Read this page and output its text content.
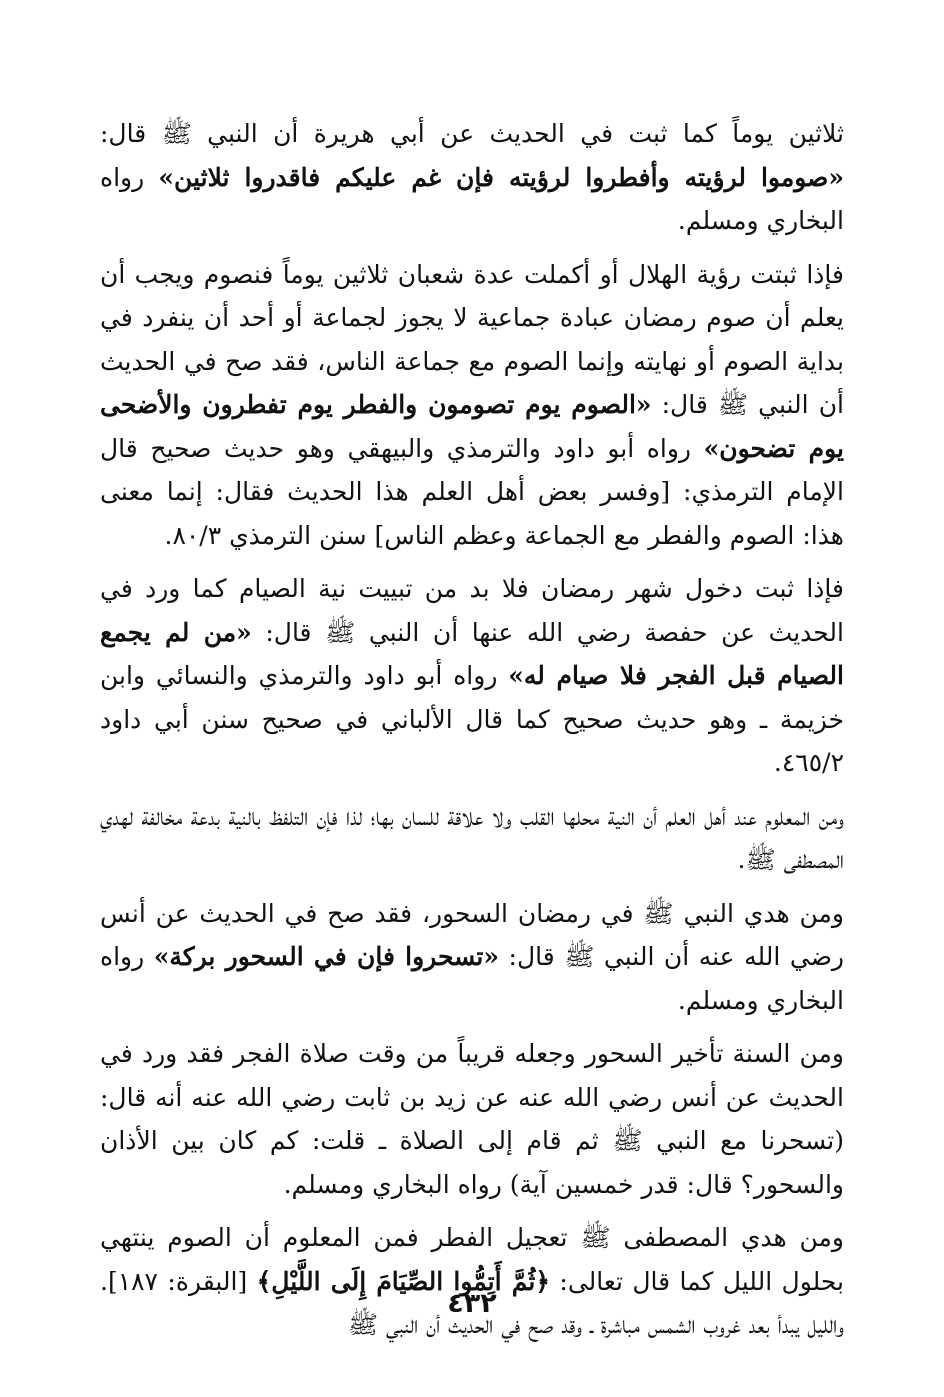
ثلاثين يوماً كما ثبت في الحديث عن أبي هريرة أن النبي ﷺ قال: «صوموا لرؤيته وأفطروا لرؤيته فإن غم عليكم فاقدروا ثلاثين» رواه البخاري ومسلم.

فإذا ثبتت رؤية الهلال أو أكملت عدة شعبان ثلاثين يوماً فنصوم ويجب أن يعلم أن صوم رمضان عبادة جماعية لا يجوز لجماعة أو أحد أن ينفرد في بداية الصوم أو نهايته وإنما الصوم مع جماعة الناس، فقد صح في الحديث أن النبي ﷺ قال: «الصوم يوم تصومون والفطر يوم تفطرون والأضحى يوم تضحون» رواه أبو داود والترمذي والبيهقي وهو حديث صحيح قال الإمام الترمذي: [وفسر بعض أهل العلم هذا الحديث فقال: إنما معنى هذا: الصوم والفطر مع الجماعة وعظم الناس] سنن الترمذي ٨٠/٣.

فإذا ثبت دخول شهر رمضان فلا بد من تبييت نية الصيام كما ورد في الحديث عن حفصة رضي الله عنها أن النبي ﷺ قال: «من لم يجمع الصيام قبل الفجر فلا صيام له» رواه أبو داود والترمذي والنسائي وابن خزيمة ـ وهو حديث صحيح كما قال الألباني في صحيح سنن أبي داود ٤٦٥/٢.

ومن المعلوم عند أهل العلم أن النية محلها القلب ولا علاقة للسان بها؛ لذا فإن التلفظ بالنية بدعة مخالفة لهدي المصطفى ﷺ.

ومن هدي النبي ﷺ في رمضان السحور، فقد صح في الحديث عن أنس رضي الله عنه أن النبي ﷺ قال: «تسحروا فإن في السحور بركة» رواه البخاري ومسلم.

ومن السنة تأخير السحور وجعله قريباً من وقت صلاة الفجر فقد ورد في الحديث عن أنس رضي الله عنه عن زيد بن ثابت رضي الله عنه أنه قال: (تسحرنا مع النبي ﷺ ثم قام إلى الصلاة ـ قلت: كم كان بين الأذان والسحور؟ قال: قدر خمسين آية) رواه البخاري ومسلم.

ومن هدي المصطفى ﷺ تعجيل الفطر فمن المعلوم أن الصوم ينتهي بحلول الليل كما قال تعالى: ﴿ثُمَّ أَتِمُّوا الصِّيَامَ إِلَى اللَّيْلِ﴾ [البقرة: ١٨٧]. والليل يبدأ بعد غروب الشمس مباشرة ـ وقد صح في الحديث أن النبي ﷺ

٤٣٢
